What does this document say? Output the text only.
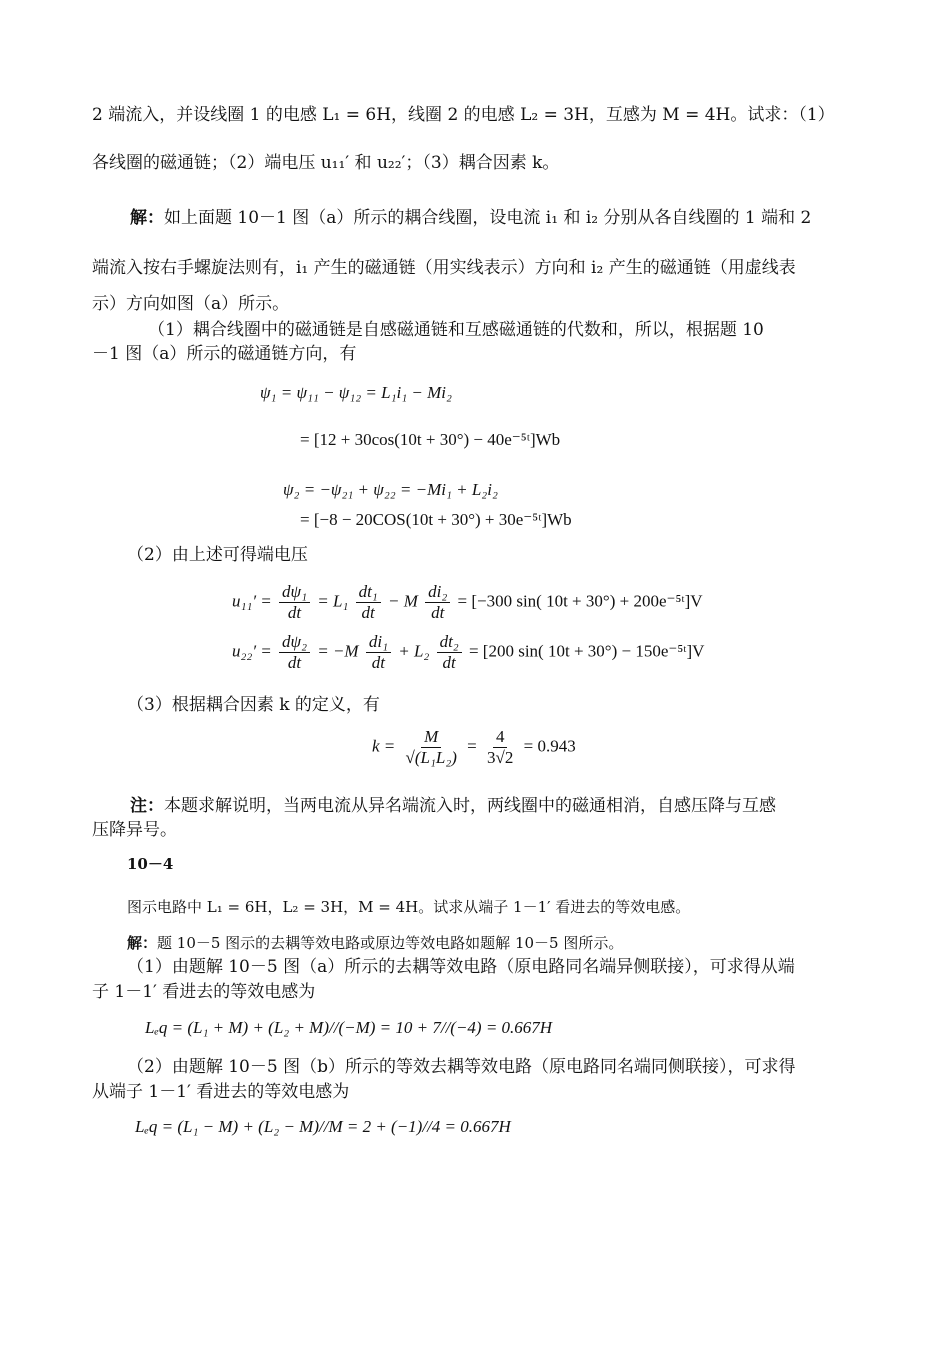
2 端流入，并设线圈 1 的电感 L₁ = 6H，线圈 2 的电感 L₂ = 3H，互感为 M = 4H。试求：（1）
各线圈的磁通链；（2）端电压 u₁₁′ 和 u₂₂′；（3）耦合因素 k。
解：如上面题 10－1 图（a）所示的耦合线圈，设电流 i₁ 和 i₂ 分别从各自线圈的 1 端和 2
端流入按右手螺旋法则有，i₁ 产生的磁通链（用实线表示）方向和 i₂ 产生的磁通链（用虚线表
示）方向如图（a）所示。
（1）耦合线圈中的磁通链是自感磁通链和互感磁通链的代数和，所以，根据题 10
－1 图（a）所示的磁通链方向，有
ψ₁ = ψ₁₁ − ψ₁₂ = L₁i₁ − Mi₂
= [12 + 30cos(10t + 30°) − 40e⁻⁵ᵗ]Wb
ψ₂ = −ψ₂₁ + ψ₂₂ = −Mi₁ + L₂i₂
= [−8 − 20COS(10t + 30°) + 30e⁻⁵ᵗ]Wb
（2）由上述可得端电压
$u_{11}' = \frac{\text{dψ₁}}{dt} = L_1 \frac{\text{dt₁}}{dt} - M \frac{\text{di₂}}{dt} = [-300$ sin( 10t + 30°) + 200e⁻⁵ᵗ]V
$u_{22}' = \frac{\text{dψ₂}}{dt} = -M \frac{\text{di₁}}{dt} + L_2 \frac{\text{dt₂}}{dt} = [200$ sin( 10t + 30°) − 150e⁻⁵ᵗ]V
（3）根据耦合因素 k 的定义，有
$k = \frac{M}{\text{√(L₁L₂)}} = \frac{4}{3√2} = 0.943$
注：本题求解说明，当两电流从异名端流入时，两线圈中的磁通相消，自感压降与互感
压降异号。
10－4
图示电路中 L₁ = 6H，L₂ = 3H，M = 4H。试求从端子 1－1′ 看进去的等效电感。
解：题 10－5 图示的去耦等效电路或原边等效电路如题解 10－5 图所示。
（1）由题解 10－5 图（a）所示的去耦等效电路（原电路同名端异侧联接），可求得从端
子 1－1′ 看进去的等效电感为
Lₑq = (L₁ + M) + (L₂ + M)//(−M) = 10 + 7//(−4) = 0.667H
（2）由题解 10－5 图（b）所示的等效去耦等效电路（原电路同名端同侧联接），可求得
从端子 1－1′ 看进去的等效电感为
Lₑq = (L₁ − M) + (L₂ − M)//M = 2 + (−1)//4 = 0.667H
